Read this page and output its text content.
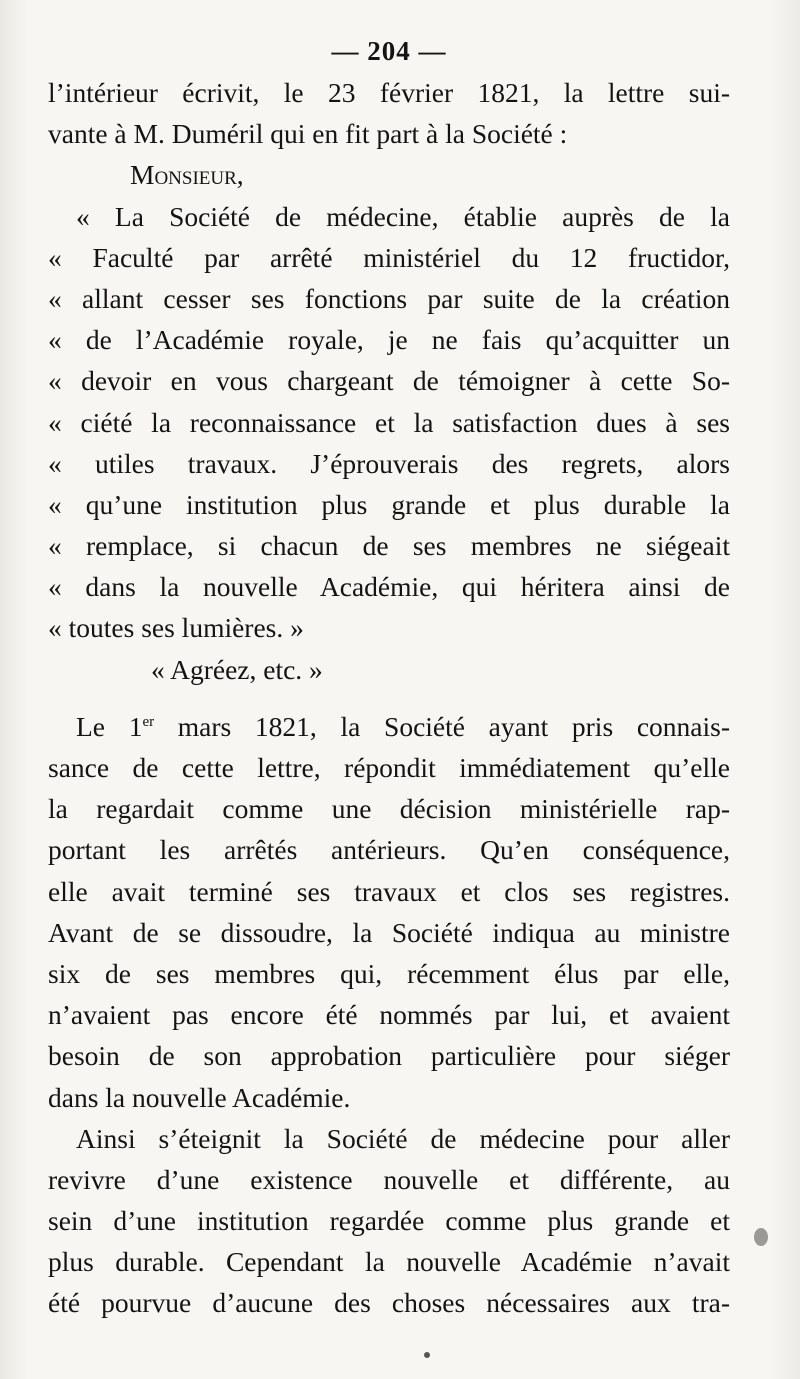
— 204 —
l’intérieur écrivit, le 23 février 1821, la lettre sui-
vante à M. Duméril qui en fit part à la Société :
Monsieur,
« La Société de médecine, établie auprès de la
« Faculté par arrêté ministériel du 12 fructidor,
« allant cesser ses fonctions par suite de la création
« de l’Académie royale, je ne fais qu’acquitter un
« devoir en vous chargeant de témoigner à cette So-
« ciété la reconnaissance et la satisfaction dues à ses
« utiles travaux. J’éprouverais des regrets, alors
« qu’une institution plus grande et plus durable la
« remplace, si chacun de ses membres ne siégeait
« dans la nouvelle Académie, qui héritera ainsi de
« toutes ses lumières. »
« Agréez, etc. »
Le 1er mars 1821, la Société ayant pris connais-
sance de cette lettre, répondit immédiatement qu’elle
la regardait comme une décision ministérielle rap-
portant les arrêtés antérieurs. Qu’en conséquence,
elle avait terminé ses travaux et clos ses registres.
Avant de se dissoudre, la Société indiqua au ministre
six de ses membres qui, récemment élus par elle,
n’avaient pas encore été nommés par lui, et avaient
besoin de son approbation particulière pour siéger
dans la nouvelle Académie.
Ainsi s’éteignit la Société de médecine pour aller
revivre d’une existence nouvelle et différente, au
sein d’une institution regardée comme plus grande et
plus durable. Cependant la nouvelle Académie n’avait
été pourvue d’aucune des choses nécessaires aux tra-
